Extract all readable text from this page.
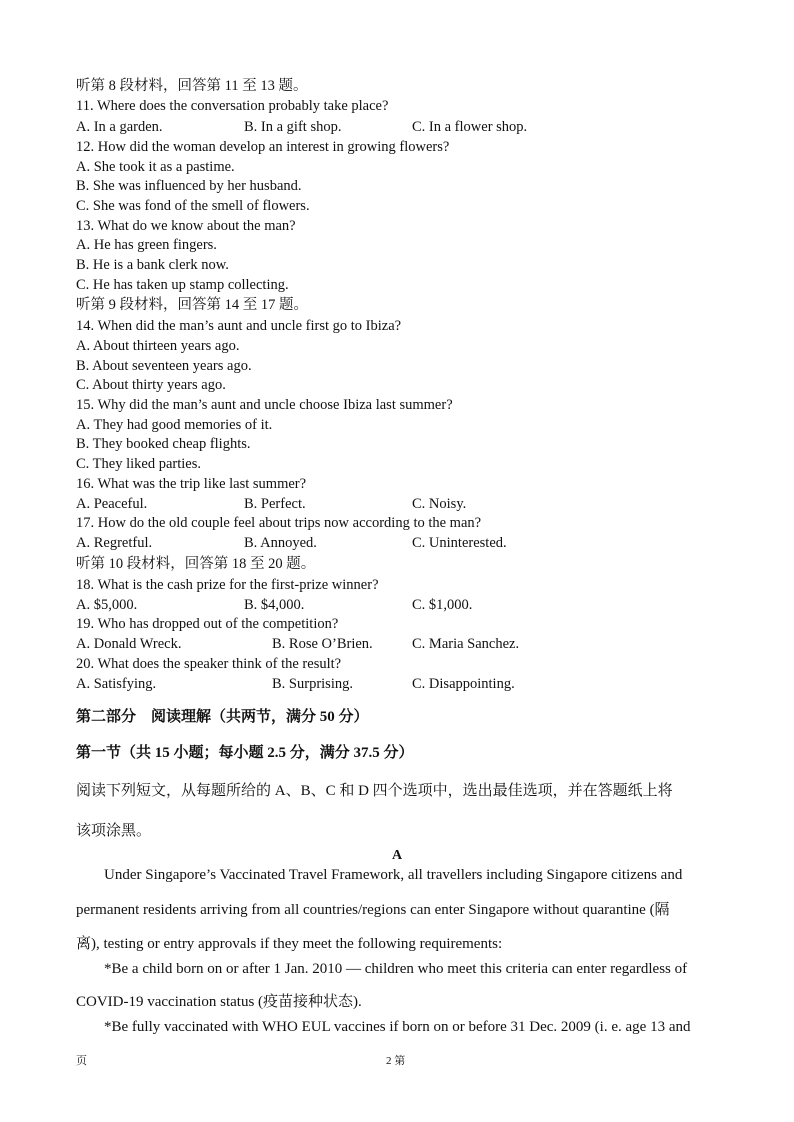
听第 8 段材料，回答第 11 至 13 题。
11. Where does the conversation probably take place?
A. In a garden.	B. In a gift shop.	C. In a flower shop.
12. How did the woman develop an interest in growing flowers?
A. She took it as a pastime.
B. She was influenced by her husband.
C. She was fond of the smell of flowers.
13. What do we know about the man?
A. He has green fingers.
B. He is a bank clerk now.
C. He has taken up stamp collecting.
听第 9 段材料，回答第 14 至 17 题。
14. When did the man’s aunt and uncle first go to Ibiza?
A. About thirteen years ago.
B. About seventeen years ago.
C. About thirty years ago.
15. Why did the man’s aunt and uncle choose Ibiza last summer?
A. They had good memories of it.
B. They booked cheap flights.
C. They liked parties.
16. What was the trip like last summer?
A. Peaceful.	B. Perfect.	C. Noisy.
17. How do the old couple feel about trips now according to the man?
A. Regretful.	B. Annoyed.	C. Uninterested.
听第 10 段材料，回答第 18 至 20 题。
18. What is the cash prize for the first-prize winner?
A. $5,000.	B. $4,000.	C. $1,000.
19. Who has dropped out of the competition?
A. Donald Wreck.	B. Rose O’Brien.	C. Maria Sanchez.
20. What does the speaker think of the result?
A. Satisfying.	B. Surprising.	C. Disappointing.
第二部分　阅读理解（共两节，满分 50 分）
第一节（共 15 小题；每小题 2.5 分，满分 37.5 分）
阅读下列短文，从每题所给的 A、B、C 和 D 四个选项中，选出最佳选项，并在答题纸上将
该项涂黑。
A
Under Singapore’s Vaccinated Travel Framework, all travellers including Singapore citizens and
permanent residents arriving from all countries/regions can enter Singapore without quarantine (隔
离), testing or entry approvals if they meet the following requirements:
*Be a child born on or after 1 Jan. 2010 — children who meet this criteria can enter regardless of
COVID-19 vaccination status (疫苗接种状态).
*Be fully vaccinated with WHO EUL vaccines if born on or before 31 Dec. 2009 (i. e. age 13 and
页	2 第
